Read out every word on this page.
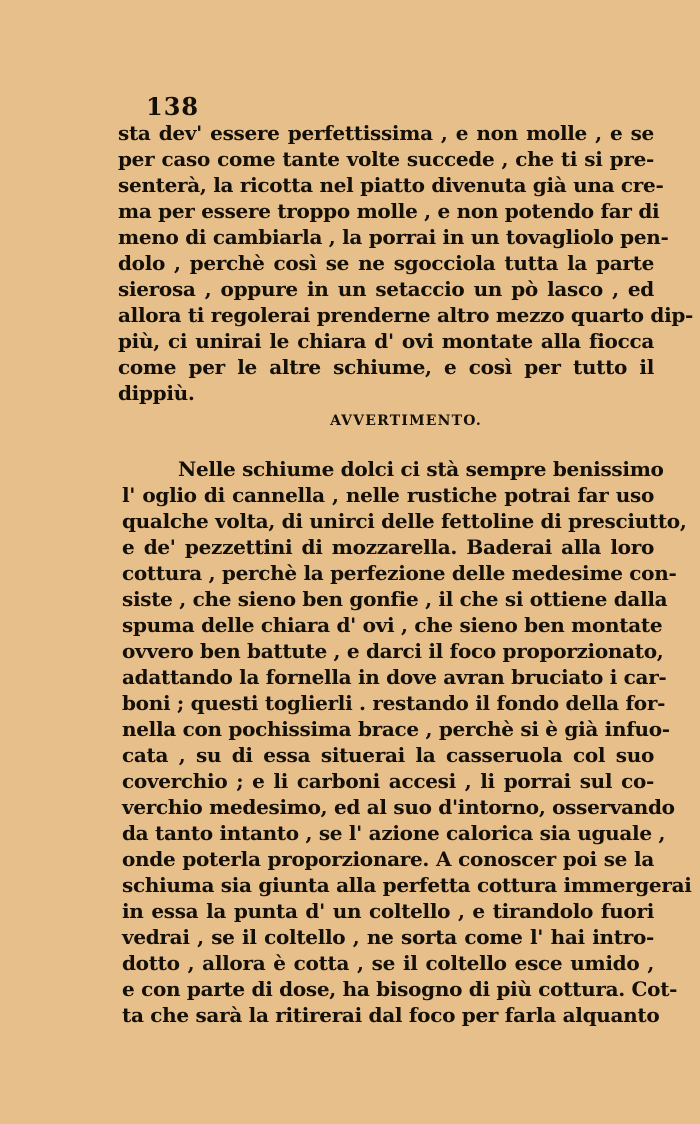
138
sta dev' essere perfettissima , e non molle , e se
per caso come tante volte succede , che ti si pre-
senterà, la ricotta nel piatto divenuta già una cre-
ma per essere troppo molle , e non potendo far di
meno di cambiarla , la porrai in un tovagliolo pen-
dolo , perchè così se ne sgocciola tutta la parte
sierosa , oppure in un setaccio un pò lasco , ed
allora ti regolerai prenderne altro mezzo quarto dip-
più, ci unirai le chiara d' ovi montate alla fiocca
come per le altre schiume, e così per tutto il
dippiù.
AVVERTIMENTO.
Nelle schiume dolci ci stà sempre benissimo
l' oglio di cannella , nelle rustiche potrai far uso
qualche volta, di unirci delle fettoline di presciutto,
e de' pezzettini di mozzarella. Baderai alla loro
cottura , perchè la perfezione delle medesime con-
siste , che sieno ben gonfie , il che si ottiene dalla
spuma delle chiara d' ovi , che sieno ben montate
ovvero ben battute , e darci il foco proporzionato,
adattando la fornella in dove avran bruciato i car-
boni ; questi toglierli . restando il fondo della for-
nella con pochissima brace , perchè si è già infuo-
cata , su di essa situerai la casseruola col suo
coverchio ; e li carboni accesi , li porrai sul co-
verchio medesimo, ed al suo d'intorno, osservando
da tanto intanto , se l' azione calorica sia uguale ,
onde poterla proporzionare. A conoscer poi se la
schiuma sia giunta alla perfetta cottura immergerai
in essa la punta d' un coltello , e tirandolo fuori
vedrai , se il coltello , ne sorta come l' hai intro-
dotto , allora è cotta , se il coltello esce umido ,
e con parte di dose, ha bisogno di più cottura. Cot-
ta che sarà la ritirerai dal foco per farla alquanto
